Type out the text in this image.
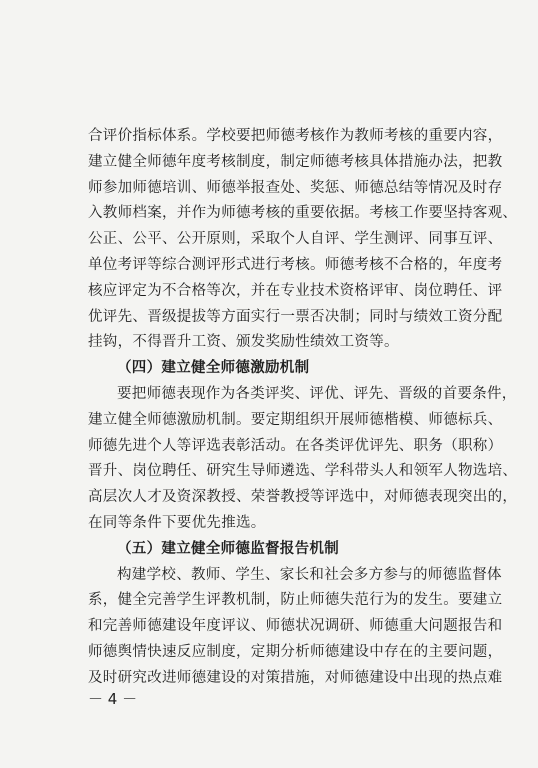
合评价指标体系。学校要把师德考核作为教师考核的重要内容，
建立健全师德年度考核制度，制定师德考核具体措施办法，把教
师参加师德培训、师德举报查处、奖惩、师德总结等情况及时存
入教师档案，并作为师德考核的重要依据。考核工作要坚持客观、
公正、公平、公开原则，采取个人自评、学生测评、同事互评、
单位考评等综合测评形式进行考核。师德考核不合格的，年度考
核应评定为不合格等次，并在专业技术资格评审、岗位聘任、评
优评先、晋级提拔等方面实行一票否决制；同时与绩效工资分配
挂钩，不得晋升工资、颁发奖励性绩效工资等。

（四）建立健全师德激励机制

要把师德表现作为各类评奖、评优、评先、晋级的首要条件，
建立健全师德激励机制。要定期组织开展师德楷模、师德标兵、
师德先进个人等评选表彰活动。在各类评优评先、职务（职称）
晋升、岗位聘任、研究生导师遴选、学科带头人和领军人物选培、
高层次人才及资深教授、荣誉教授等评选中，对师德表现突出的，
在同等条件下要优先推选。

（五）建立健全师德监督报告机制

构建学校、教师、学生、家长和社会多方参与的师德监督体
系，健全完善学生评教机制，防止师德失范行为的发生。要建立
和完善师德建设年度评议、师德状况调研、师德重大问题报告和
师德舆情快速反应制度，定期分析师德建设中存在的主要问题，
及时研究改进师德建设的对策措施，对师德建设中出现的热点难

－ 4 －
